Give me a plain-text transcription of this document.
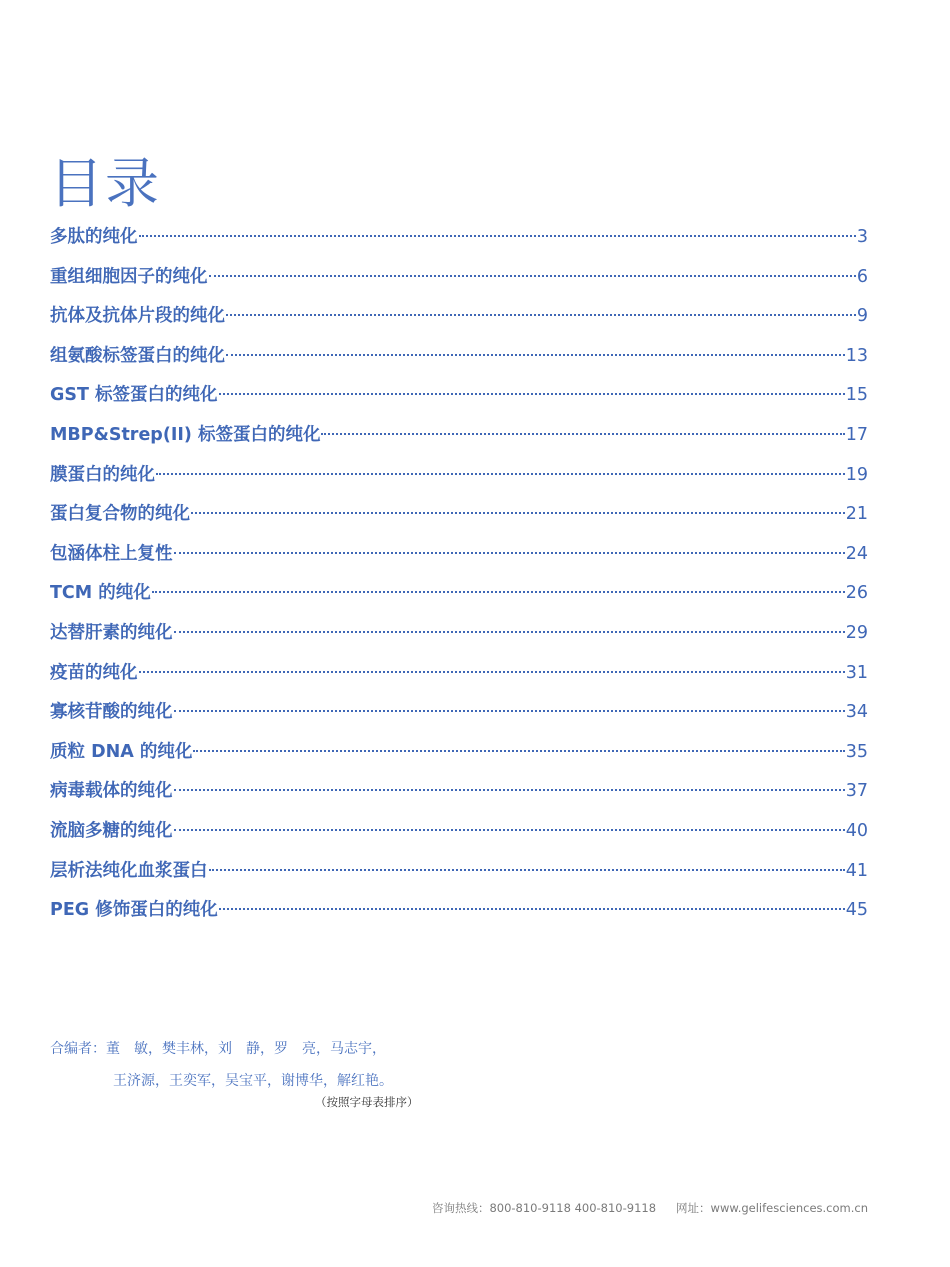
目录
多肽的纯化	3
重组细胞因子的纯化	6
抗体及抗体片段的纯化	9
组氨酸标签蛋白的纯化	13
GST 标签蛋白的纯化	15
MBP&Strep(II) 标签蛋白的纯化	17
膜蛋白的纯化	19
蛋白复合物的纯化	21
包涵体柱上复性	24
TCM 的纯化	26
达替肝素的纯化	29
疫苗的纯化	31
寡核苷酸的纯化	34
质粒 DNA 的纯化	35
病毒载体的纯化	37
流脑多糖的纯化	40
层析法纯化血浆蛋白	41
PEG 修饰蛋白的纯化	45
合编者：董　敏，樊丰林，刘　静，罗　亮，马志宇，
王济源，王奕军，吴宝平，谢博华，解红艳。
（按照字母表排序）
咨询热线：800-810-9118 400-810-9118 网址：www.gelifesciences.com.cn
